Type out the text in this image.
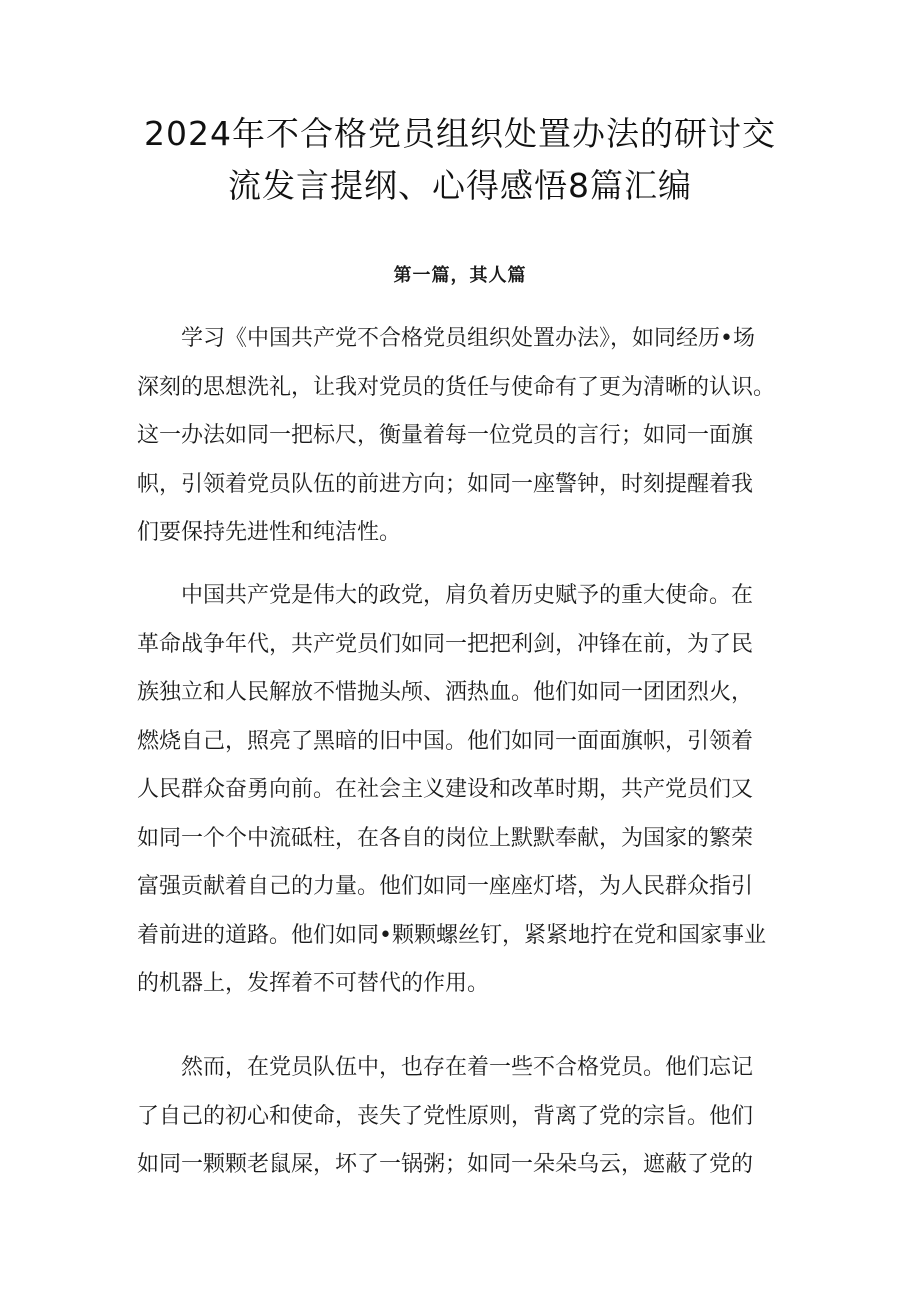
2024年不合格党员组织处置办法的研讨交
流发言提纲、心得感悟8篇汇编
第一篇，其人篇

　　学习《中国共产党不合格党员组织处置办法》，如同经历•场
深刻的思想洗礼，让我对党员的货任与使命有了更为清晰的认识。
这一办法如同一把标尺，衡量着每一位党员的言行；如同一面旗
帜，引领着党员队伍的前进方向；如同一座警钟，时刻提醒着我
们要保持先进性和纯洁性。

　　中国共产党是伟大的政党，肩负着历史赋予的重大使命。在
革命战争年代，共产党员们如同一把把利剑，冲锋在前，为了民
族独立和人民解放不惜抛头颅、洒热血。他们如同一团团烈火，
燃烧自己，照亮了黑暗的旧中国。他们如同一面面旗帜，引领着
人民群众奋勇向前。在社会主义建设和改革时期，共产党员们又
如同一个个中流砥柱，在各自的岗位上默默奉献，为国家的繁荣
富强贡献着自己的力量。他们如同一座座灯塔，为人民群众指引
着前进的道路。他们如同•颗颗螺丝钉，紧紧地拧在党和国家事业
的机器上，发挥着不可替代的作用。

　　然而，在党员队伍中，也存在着一些不合格党员。他们忘记
了自己的初心和使命，丧失了党性原则，背离了党的宗旨。他们
如同一颗颗老鼠屎，坏了一锅粥；如同一朵朵乌云，遮蔽了党的
